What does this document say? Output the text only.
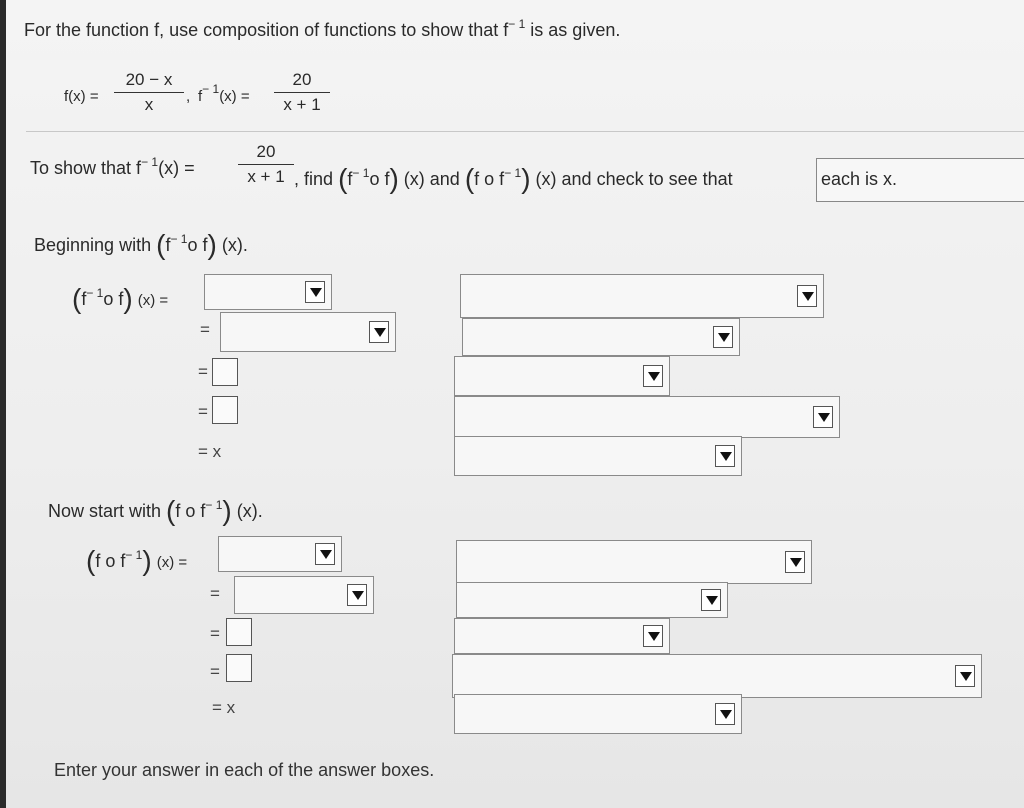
For the function f, use composition of functions to show that $f^{- 1}$ is as given.
f(x) =
20 − x
x	, $f^{- 1}(x)$ =
20
x + 1
To show that $f^{- 1}(x)$ =
20
x + 1 , find ($f^{- 1}o$ f) (x) and (f o $f^{- 1}$) (x) and check to see that	each is x.
Beginning with ($f^{- 1}o$ f) (x).
($f^{- 1}o$ f) (x) =
=
=
=
= x
Now start with (f o $f^{- 1}$) (x).
(f o $f^{- 1}$) (x) =
=
=
=
= x
Enter your answer in each of the answer boxes.
